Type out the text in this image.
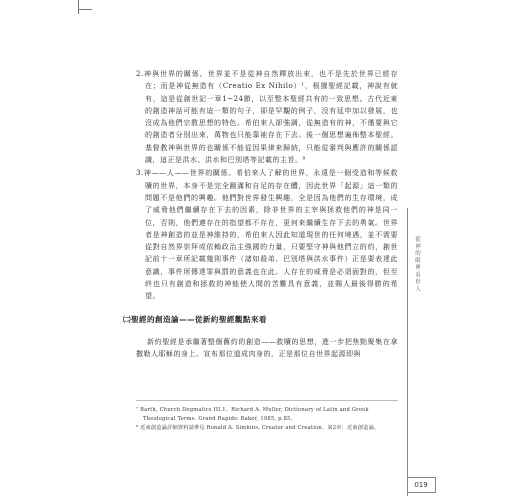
2.神與世界的關係。世界並不是從神自然釋放出來，也不是先於世界已經存在；而是神從無造有（Creatio Ex Nihilo）¹，根據聖經記載，神說有就有，這是從創世記一章1~24節，以至整本聖經共有的一致思想。古代近東的創造神話可能有這一類的句子，卻是罕覯的例子，沒有延申加以發展，也沒成為他們宗教思想的特色。希伯來人卻強調，從無造有的神，不僅要與它的創造者分別出來，萬物也只能靠祂存在下去。後一個思想遍佈整本聖經。基督教神與世界的也關係不能從因果律來歸納，只能從審判與應許的關係認識，這正是洪水、洪水和巴別塔等記載的主旨。⁸

3.神——人——世界的關係。希伯來人了解的世界，永遠是一個受造和等候救贖的世界，本身不是完全圓滿和自足的存在體，因此世界「起源」這一類的問題不是他們的興趣。他們對世界發生興趣，全是因為他們的生存環境，成了威脅他們繼續存在下去的因素，除非世界的主宰與拯救他們的神是同一位，否則，他們連存在的指望都不存在，更何來繼續生存下去的勇氣。世界者是神創造的並是神維持的，希伯來人因此知道現世的任何境遇，並不需要從對自然界崇拜或依賴政治主強國的力量，只要堅守神與他們立的約，創世記前十一章所記載幾則事件（諸如殺弟、巴別塔與洪水事件）正是要表達此意識，事件所傳達罪與罰的意義也在此。人存在的威脅是必須面對的，但至終也只有創造和拯救的神能使人間的苦難具有意義，並賜人最後得勝的希望。

㈡聖經的創造論——從新約聖經觀點來看

新約聖經是承繼著整個舊約的創造——救贖的思想，進一步把焦點聚集在拿撒勒人耶穌的身上。宣布那位道成肉身的，正是那位自世界起源即與

⁷ Barth, Church Dogmatics III.1。Richard A. Muller, Dictionary of Latin and Greek Theological Terms. Grand Rapids: Baker, 1985, p.85。

⁸ 近東創造論詳細資料請參見 Ronald A. Simkins, Creator and Creation。第2章：近東創造論。

從神的眼裡看世人
019
